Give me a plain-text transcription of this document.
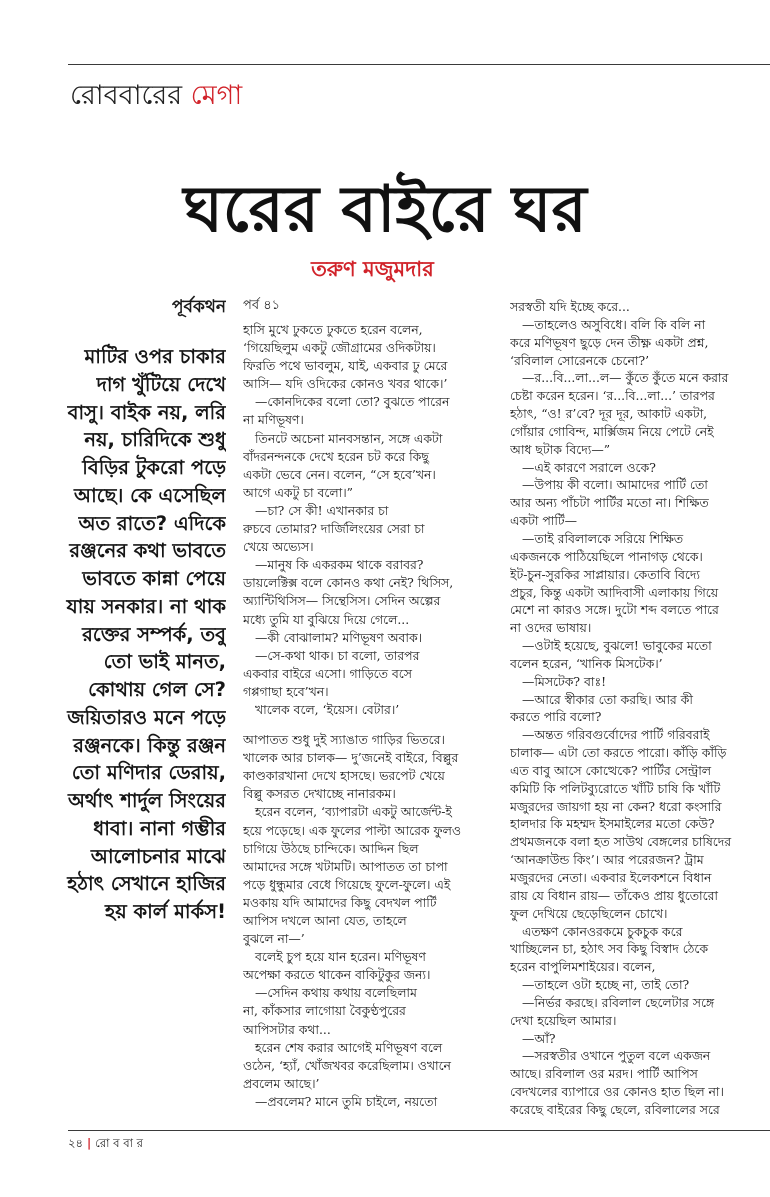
রোববারের মেগা
ঘরের বাইরে ঘর
তরুণ মজুমদার
পূর্বকথন
মাটির ওপর চাকার
দাগ খুঁটিয়ে দেখে
বাসু। বাইক নয়, লরি
নয়, চারিদিকে শুধু
বিড়ির টুকরো পড়ে
আছে। কে এসেছিল
অত রাতে? এদিকে
রঞ্জনের কথা ভাবতে
ভাবতে কান্না পেয়ে
যায় সনকার। না থাক
রক্তের সম্পর্ক, তবু
তো ভাই মানত,
কোথায় গেল সে?
জয়িতারও মনে পড়ে
রঞ্জনকে। কিন্তু রঞ্জন
তো মণিদার ডেরায়,
অর্থাৎ শার্দুল সিংয়ের
ধাবা। নানা গম্ভীর
আলোচনার মাঝে
হঠাৎ সেখানে হাজির
হয় কার্ল মার্কস!
পর্ব ৪১
হাসি মুখে ঢুকতে ঢুকতে হরেন বলেন,
‘গিয়েছিলুম একটু জৌগ্রামের ওদিকটায়।
ফিরতি পথে ভাবলুম, যাই, একবার ঢু মেরে
আসি— যদি ওদিকের কোনও খবর থাকে।’
—কোনদিকের বলো তো? বুঝতে পারেন
না মণিভূষণ।
তিনটে অচেনা মানবসন্তান, সঙ্গে একটা
বাঁদরনন্দনকে দেখে হরেন চট করে কিছু
একটা ভেবে নেন। বলেন, “সে হবে’খন।
আগে একটু চা বলো।”
—চা? সে কী! এখানকার চা
রুচবে তোমার? দার্জিলিংয়ের সেরা চা
খেয়ে অভ্যেস।
—মানুষ কি একরকম থাকে বরাবর?
ডায়লেক্টিক্স বলে কোনও কথা নেই? থিসিস,
অ্যান্টিথিসিস— সিন্থেসিস। সেদিন অল্পের
মধ্যে তুমি যা বুঝিয়ে দিয়ে গেলে...
—কী বোঝালাম? মণিভূষণ অবাক।
—সে-কথা থাক। চা বলো, তারপর
একবার বাইরে এসো। গাড়িতে বসে
গপ্পগাছা হবে’খন।
খালেক বলে, ‘ইয়েস। বেটার।’
আপাতত শুধু দুই স্যাঙাত গাড়ির ভিতরে।
খালেক আর চালক— দু’জনেই বাইরে, বিল্লুর
কাণ্ডকারখানা দেখে হাসছে। ভরপেট খেয়ে
বিল্লু কসরত দেখাচ্ছে নানারকম।
হরেন বলেন, ‘ব্যাপারটা একটু আর্জেন্ট-ই
হয়ে পড়েছে। এক ফুলের পাল্টা আরেক ফুলও
চাগিয়ে উঠছে চান্দিকে। আদ্দিন ছিল
আমাদের সঙ্গে খটামটি। আপাতত তা চাপা
পড়ে ধুন্ধুমার বেধে গিয়েছে ফুলে-ফুলে। এই
মওকায় যদি আমাদের কিছু বেদখল পার্টি
আপিস দখলে আনা যেত, তাহলে
বুঝলে না—’
বলেই চুপ হয়ে যান হরেন। মণিভূষণ
অপেক্ষা করতে থাকেন বাকিটুকুর জন্য।
—সেদিন কথায় কথায় বলেছিলাম
না, কাঁকসার লাগোয়া বৈকুণ্ঠপুরের
আপিসটার কথা...
হরেন শেষ করার আগেই মণিভূষণ বলে
ওঠেন, ‘হ্যাঁ, খোঁজখবর করেছিলাম। ওখানে
প্রবলেম আছে।’
—প্রবলেম? মানে তুমি চাইলে, নয়তো
সরস্বতী যদি ইচ্ছে করে...
—তাহলেও অসুবিধে। বলি কি বলি না
করে মণিভূষণ ছুড়ে দেন তীক্ষ্ণ একটা প্রশ্ন,
‘রবিলাল সোরেনকে চেনো?’
—র...বি...লা...ল— কুঁতে কুঁতে মনে করার
চেষ্টা করেন হরেন। ‘র...বি...লা...’ তারপর
হঠাৎ, “ও! র’বে? দূর দূর, আকাট একটা,
গোঁয়ার গোবিন্দ, মার্ক্সিজম নিয়ে পেটে নেই
আধ ছটাক বিদ্যে—”
—এই কারণে সরালে ওকে?
—উপায় কী বলো। আমাদের পার্টি তো
আর অন্য পাঁচটা পার্টির মতো না। শিক্ষিত
একটা পার্টি—
—তাই রবিলালকে সরিয়ে শিক্ষিত
একজনকে পাঠিয়েছিলে পানাগড় থেকে।
ইট-চুন-সুরকির সাপ্লায়ার। কেতাবি বিদ্যে
প্রচুর, কিন্তু একটা আদিবাসী এলাকায় গিয়ে
মেশে না কারও সঙ্গে। দুটো শব্দ বলতে পারে
না ওদের ভাষায়।
—ওটাই হয়েছে, বুঝলে! ভাবুকের মতো
বলেন হরেন, ‘খানিক মিসটেক।’
—মিসটেক? বাঃ!
—আরে স্বীকার তো করছি। আর কী
করতে পারি বলো?
—অন্তত গরিবগুর্বোদের পার্টি গরিবরাই
চালাক— এটা তো করতে পারো। কাঁড়ি কাঁড়ি
এত বাবু আসে কোত্থেকে? পার্টির সেন্ট্রাল
কমিটি কি পলিটব্যুরোতে খাঁটি চাষি কি খাঁটি
মজুরদের জায়গা হয় না কেন? ধরো কংসারি
হালদার কি মহম্মদ ইসমাইলের মতো কেউ?
প্রথমজনকে বলা হত সাউথ বেঙ্গলের চাষিদের
‘আনক্রাউন্ড কিং’। আর পরেরজন? ট্রাম
মজুরদের নেতা। একবার ইলেকশনে বিধান
রায় যে বিধান রায়— তাঁকেও প্রায় ধুতোরো
ফুল দেখিয়ে ছেড়েছিলেন চোখে।
এতক্ষণ কোনওরকমে চুকচুক করে
খাচ্ছিলেন চা, হঠাৎ সব কিছু বিস্বাদ ঠেকে
হরেন বাপুলিমশাইয়ের। বলেন,
—তাহলে ওটা হচ্ছে না, তাই তো?
—নির্ভর করছে। রবিলাল ছেলেটার সঙ্গে
দেখা হয়েছিল আমার।
—আঁ?
—সরস্বতীর ওখানে পুতুল বলে একজন
আছে। রবিলাল ওর মরদ। পার্টি আপিস
বেদখলের ব্যাপারে ওর কোনও হাত ছিল না।
করেছে বাইরের কিছু ছেলে, রবিলালের সরে
২৪ | রো ব বা র
